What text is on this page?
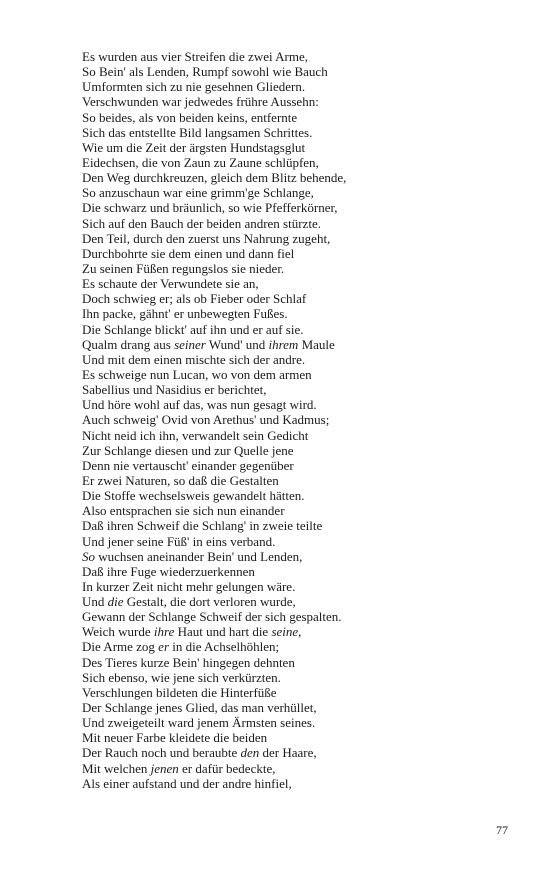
Es wurden aus vier Streifen die zwei Arme,
So Bein' als Lenden, Rumpf sowohl wie Bauch
Umformten sich zu nie gesehnen Gliedern.
Verschwunden war jedwedes frühre Aussehn:
So beides, als von beiden keins, entfernte
Sich das entstellte Bild langsamen Schrittes.
Wie um die Zeit der ärgsten Hundstagsglut
Eidechsen, die von Zaun zu Zaune schlüpfen,
Den Weg durchkreuzen, gleich dem Blitz behende,
So anzuschaun war eine grimm'ge Schlange,
Die schwarz und bräunlich, so wie Pfefferkörner,
Sich auf den Bauch der beiden andren stürzte.
Den Teil, durch den zuerst uns Nahrung zugeht,
Durchbohrte sie dem einen und dann fiel
Zu seinen Füßen regungslos sie nieder.
Es schaute der Verwundete sie an,
Doch schwieg er; als ob Fieber oder Schlaf
Ihn packe, gähnt' er unbewegten Fußes.
Die Schlange blickt' auf ihn und er auf sie.
Qualm drang aus seiner Wund' und ihrem Maule
Und mit dem einen mischte sich der andre.
Es schweige nun Lucan, wo von dem armen
Sabellius und Nasidius er berichtet,
Und höre wohl auf das, was nun gesagt wird.
Auch schweig' Ovid von Arethus' und Kadmus;
Nicht neid ich ihn, verwandelt sein Gedicht
Zur Schlange diesen und zur Quelle jene
Denn nie vertauscht' einander gegenüber
Er zwei Naturen, so daß die Gestalten
Die Stoffe wechselsweis gewandelt hätten.
Also entsprachen sie sich nun einander
Daß ihren Schweif die Schlang' in zweie teilte
Und jener seine Füß' in eins verband.
So wuchsen aneinander Bein' und Lenden,
Daß ihre Fuge wiederzuerkennen
In kurzer Zeit nicht mehr gelungen wäre.
Und die Gestalt, die dort verloren wurde,
Gewann der Schlange Schweif der sich gespalten.
Weich wurde ihre Haut und hart die seine,
Die Arme zog er in die Achselhöhlen;
Des Tieres kurze Bein' hingegen dehnten
Sich ebenso, wie jene sich verkürzten.
Verschlungen bildeten die Hinterfüße
Der Schlange jenes Glied, das man verhüllet,
Und zweigeteilt ward jenem Ärmsten seines.
Mit neuer Farbe kleidete die beiden
Der Rauch noch und beraubte den der Haare,
Mit welchen jenen er dafür bedeckte,
Als einer aufstand und der andre hinfiel,
77
